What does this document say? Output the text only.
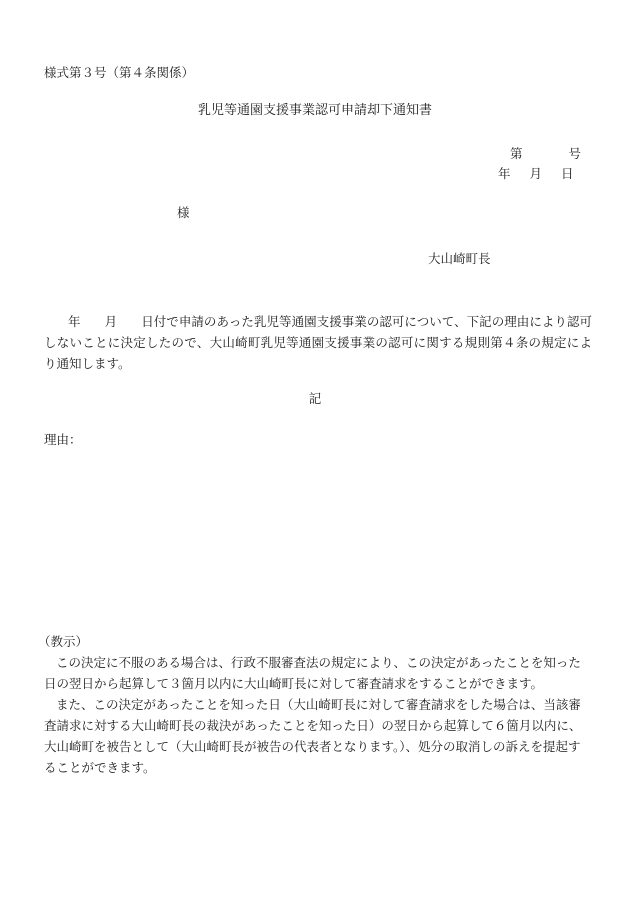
様式第３号（第４条関係）
乳児等通園支援事業認可申請却下通知書
第	号
年 月 日
様
大山崎町長
年 月 日付で申請のあった乳児等通園支援事業の認可について、下記の理由により認可しないことに決定したので、大山崎町乳児等通園支援事業の認可に関する規則第４条の規定により通知します。
記
理由：

（教示）

この決定に不服のある場合は、行政不服審査法の規定により、この決定があったことを知った日の翌日から起算して３箇月以内に大山崎町長に対して審査請求をすることができます。

また、この決定があったことを知った日（大山崎町長に対して審査請求をした場合は、当該審査請求に対する大山崎町長の裁決があったことを知った日）の翌日から起算して６箇月以内に、大山崎町を被告として（大山崎町長が被告の代表者となります。）、処分の取消しの訴えを提起することができます。
